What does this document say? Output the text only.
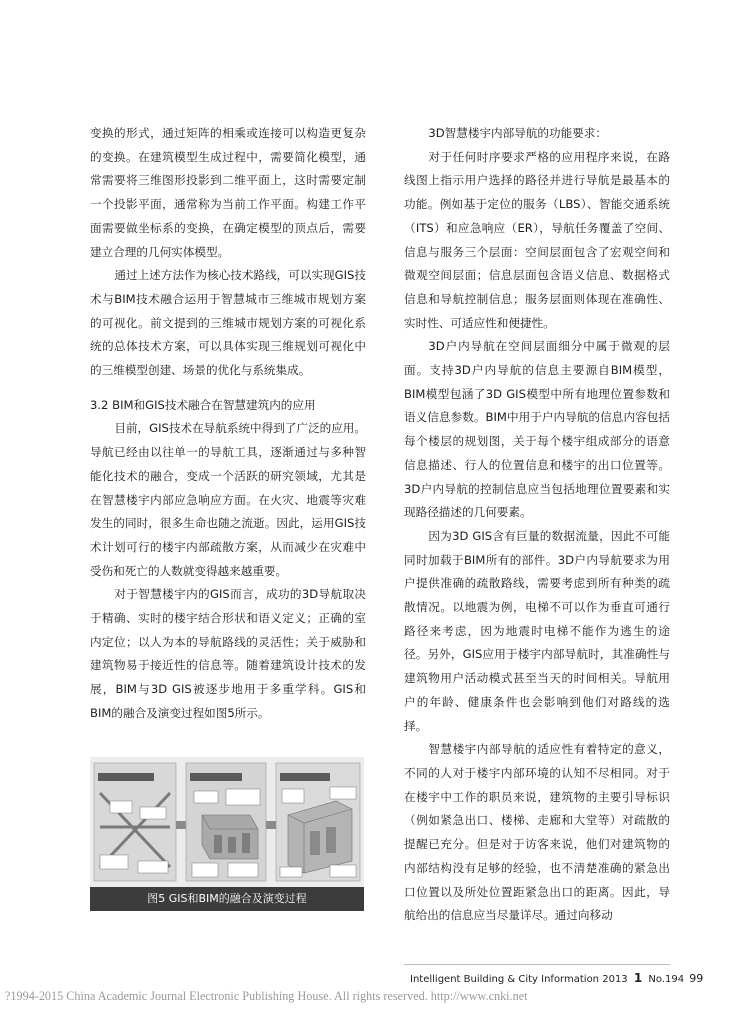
变换的形式，通过矩阵的相乘或连接可以构造更复杂的变换。在建筑模型生成过程中，需要简化模型，通常需要将三维图形投影到二维平面上，这时需要定制一个投影平面，通常称为当前工作平面。构建工作平面需要做坐标系的变换，在确定模型的顶点后，需要建立合理的几何实体模型。

通过上述方法作为核心技术路线，可以实现GIS技术与BIM技术融合运用于智慧城市三维城市规划方案的可视化。前文提到的三维城市规划方案的可视化系统的总体技术方案，可以具体实现三维规划可视化中的三维模型创建、场景的优化与系统集成。

3.2 BIM和GIS技术融合在智慧建筑内的应用

目前，GIS技术在导航系统中得到了广泛的应用。导航已经由以往单一的导航工具，逐渐通过与多种智能化技术的融合，变成一个活跃的研究领域，尤其是在智慧楼宇内部应急响应方面。在火灾、地震等灾难发生的同时，很多生命也随之流逝。因此，运用GIS技术计划可行的楼宇内部疏散方案，从而减少在灾难中受伤和死亡的人数就变得越来越重要。

对于智慧楼宇内的GIS而言，成功的3D导航取决于精确、实时的楼宇结合形状和语义定义；正确的室内定位；以人为本的导航路线的灵活性；关于威胁和建筑物易于接近性的信息等。随着建筑设计技术的发展，BIM与3D GIS被逐步地用于多重学科。GIS和BIM的融合及演变过程如图5所示。

图5 GIS和BIM的融合及演变过程

3D智慧楼宇内部导航的功能要求：

对于任何时序要求严格的应用程序来说，在路线图上指示用户选择的路径并进行导航是最基本的功能。例如基于定位的服务（LBS）、智能交通系统（ITS）和应急响应（ER），导航任务覆盖了空间、信息与服务三个层面：空间层面包含了宏观空间和微观空间层面；信息层面包含语义信息、数据格式信息和导航控制信息；服务层面则体现在准确性、实时性、可适应性和便捷性。

3D户内导航在空间层面细分中属于微观的层面。支持3D户内导航的信息主要源自BIM模型，BIM模型包涵了3D GIS模型中所有地理位置参数和语义信息参数。BIM中用于户内导航的信息内容包括每个楼层的规划图，关于每个楼宇组成部分的语意信息描述、行人的位置信息和楼宇的出口位置等。3D户内导航的控制信息应当包括地理位置要素和实现路径描述的几何要素。

因为3D GIS含有巨量的数据流量，因此不可能同时加载于BIM所有的部件。3D户内导航要求为用户提供准确的疏散路线，需要考虑到所有种类的疏散情况。以地震为例，电梯不可以作为垂直可通行路径来考虑，因为地震时电梯不能作为逃生的途径。另外，GIS应用于楼宇内部导航时，其准确性与建筑物用户活动模式甚至当天的时间相关。导航用户的年龄、健康条件也会影响到他们对路线的选择。

智慧楼宇内部导航的适应性有着特定的意义，不同的人对于楼宇内部环境的认知不尽相同。对于在楼宇中工作的职员来说，建筑物的主要引导标识（例如紧急出口、楼梯、走廊和大堂等）对疏散的提醒已充分。但是对于访客来说，他们对建筑物的内部结构没有足够的经验，也不清楚准确的紧急出口位置以及所处位置距紧急出口的距离。因此，导航给出的信息应当尽量详尽。通过向移动

Intelligent Building & City Information 2013 1 No.194 99
?1994-2015 China Academic Journal Electronic Publishing House. All rights reserved. http://www.cnki.net
